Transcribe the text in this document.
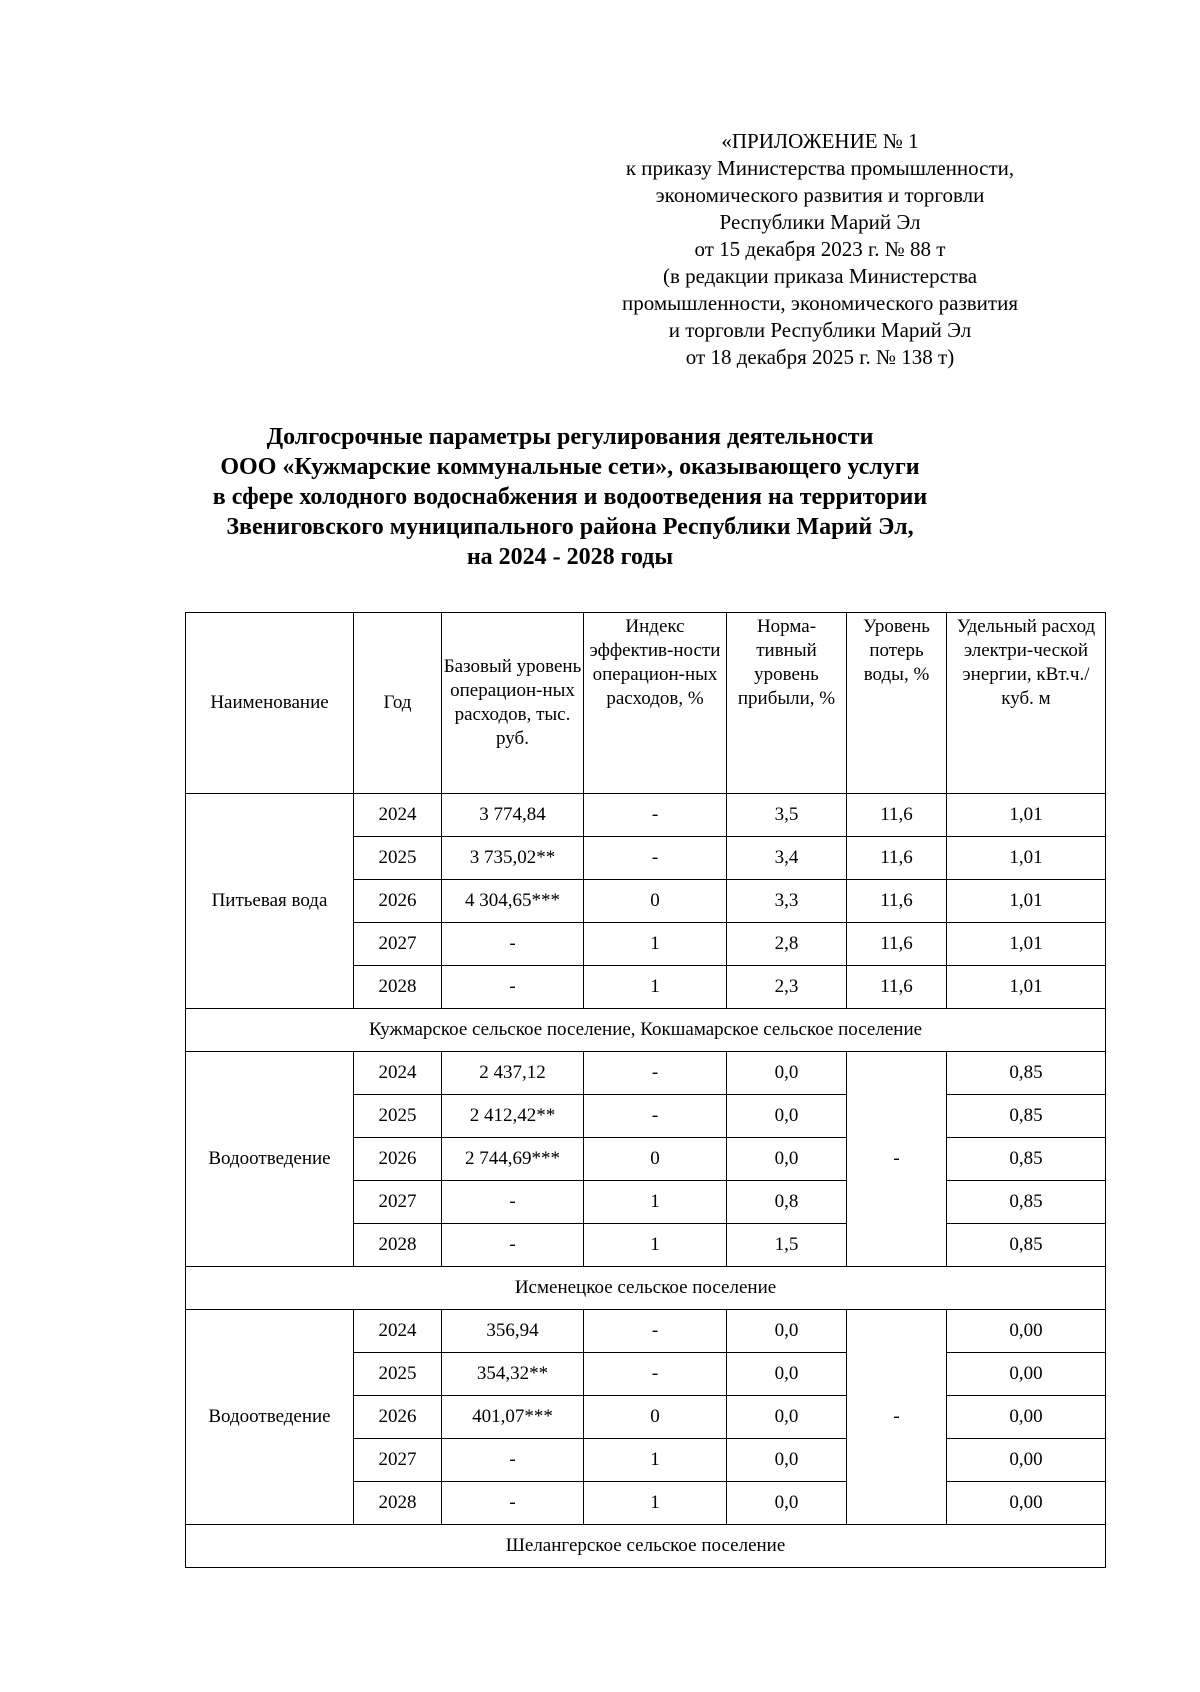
«ПРИЛОЖЕНИЕ № 1
к приказу Министерства промышленности,
экономического развития и торговли
Республики Марий Эл
от 15 декабря 2023 г. № 88 т
(в редакции приказа Министерства
промышленности, экономического развития
и торговли Республики Марий Эл
от 18 декабря 2025 г. № 138 т)
Долгосрочные параметры регулирования деятельности
ООО «Кужмарские коммунальные сети», оказывающего услуги
в сфере холодного водоснабжения и водоотведения на территории
Звениговского муниципального района Республики Марий Эл,
на 2024 - 2028 годы
Наименование	Год	Базовый уровень операцион-ных расходов, тыс. руб.	Индекс эффектив-ности операцион-ных расходов, %	Норма-тивный уровень прибыли, %	Уровень потерь воды, %	Удельный расход электри-ческой энергии, кВт.ч./куб. м
Питьевая вода	2024	3 774,84	-	3,5	11,6	1,01
	2025	3 735,02**	-	3,4	11,6	1,01
	2026	4 304,65***	0	3,3	11,6	1,01
	2027	-	1	2,8	11,6	1,01
	2028	-	1	2,3	11,6	1,01
Кужмарское сельское поселение, Кокшамарское сельское поселение						
Водоотведение	2024	2 437,12	-	0,0	-	0,85
	2025	2 412,42**	-	0,0		0,85
	2026	2 744,69***	0	0,0		0,85
	2027	-	1	0,8		0,85
	2028	-	1	1,5		0,85
Исменецкое сельское поселение						
Водоотведение	2024	356,94	-	0,0	-	0,00
	2025	354,32**	-	0,0		0,00
	2026	401,07***	0	0,0		0,00
	2027	-	1	0,0		0,00
	2028	-	1	0,0		0,00
Шелангерское сельское поселение						
